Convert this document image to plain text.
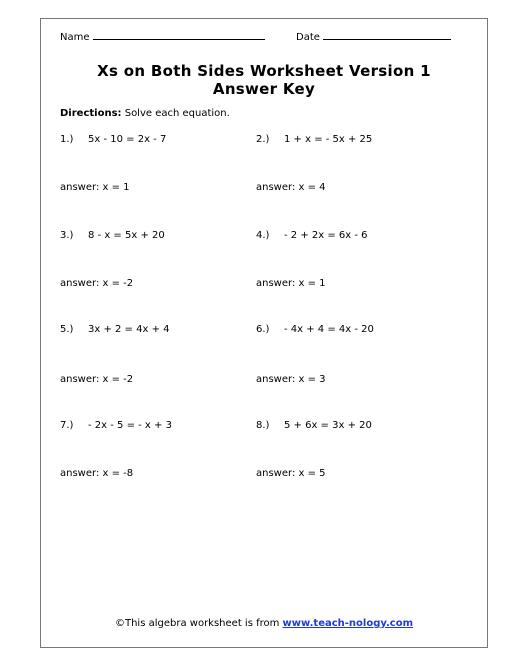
Name	Date
Xs on Both Sides Worksheet Version 1
Answer Key
Directions: Solve each equation.
1.) 5x - 10 = 2x - 7
answer: x = 1
2.) 1 + x = - 5x + 25
answer: x = 4
3.) 8 - x = 5x + 20
answer: x = -2
4.) - 2 + 2x = 6x - 6
answer: x = 1
5.) 3x + 2 = 4x + 4
answer: x = -2
6.) - 4x + 4 = 4x - 20
answer: x = 3
7.) - 2x - 5 = - x + 3
answer: x = -8
8.) 5 + 6x = 3x + 20
answer: x = 5
©This algebra worksheet is from www.teach-nology.com
